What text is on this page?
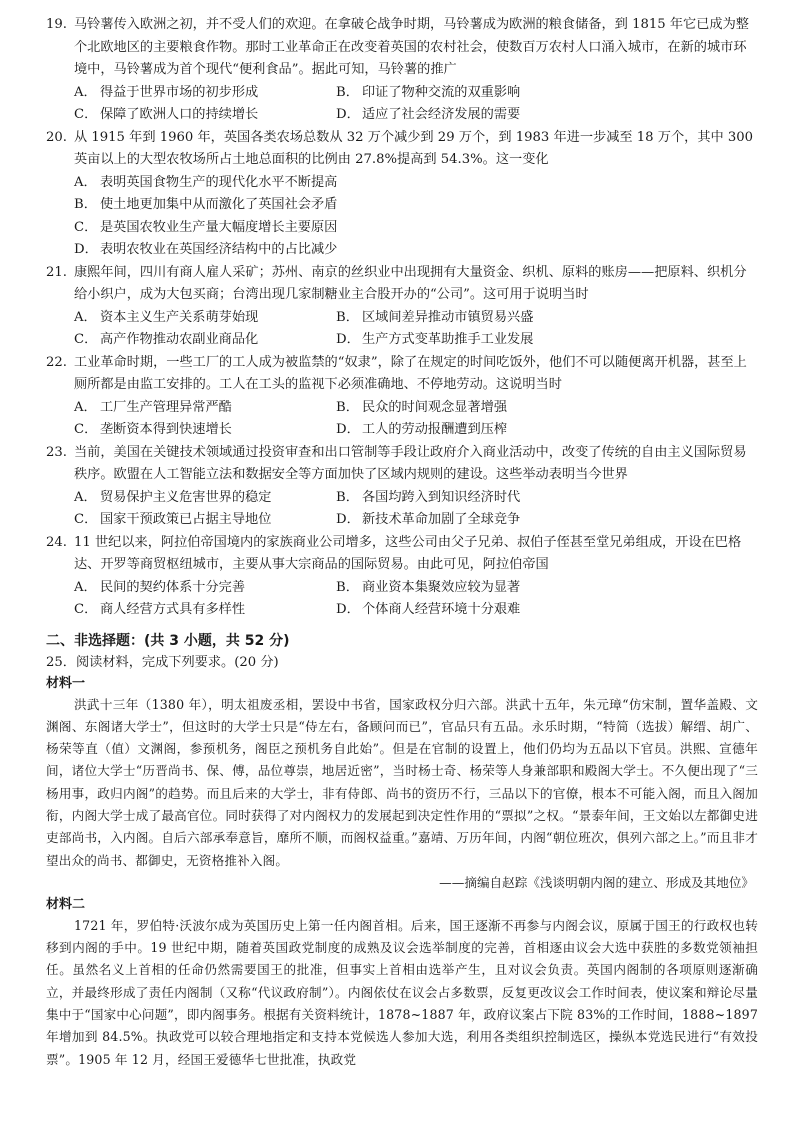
19. 马铃薯传入欧洲之初，并不受人们的欢迎。在拿破仑战争时期，马铃薯成为欧洲的粮食储备，到 1815 年它已成为整个北欧地区的主要粮食作物。那时工业革命正在改变着英国的农村社会，使数百万农村人口涌入城市，在新的城市环境中，马铃薯成为首个现代“便利食品”。据此可知，马铃薯的推广
A． 得益于世界市场的初步形成	B． 印证了物种交流的双重影响
C． 保障了欧洲人口的持续增长	D． 适应了社会经济发展的需要
20. 从 1915 年到 1960 年，英国各类农场总数从 32 万个减少到 29 万个，到 1983 年进一步减至 18 万个，其中 300 英亩以上的大型农牧场所占土地总面积的比例由 27.8%提高到 54.3%。这一变化
A． 表明英国食物生产的现代化水平不断提高
B． 使土地更加集中从而激化了英国社会矛盾
C． 是英国农牧业生产量大幅度增长主要原因
D． 表明农牧业在英国经济结构中的占比减少
21. 康熙年间，四川有商人雇人采矿；苏州、南京的丝织业中出现拥有大量资金、织机、原料的账房——把原料、织机分给小织户，成为大包买商；台湾出现几家制糖业主合股开办的“公司”。这可用于说明当时
A． 资本主义生产关系萌芽始现	B． 区域间差异推动市镇贸易兴盛
C． 高产作物推动农副业商品化	D． 生产方式变革助推手工业发展
22. 工业革命时期，一些工厂的工人成为被监禁的“奴隶”，除了在规定的时间吃饭外，他们不可以随便离开机器，甚至上厕所都是由监工安排的。工人在工头的监视下必须准确地、不停地劳动。这说明当时
A． 工厂生产管理异常严酷	B． 民众的时间观念显著增强
C． 垄断资本得到快速增长	D． 工人的劳动报酬遭到压榨
23. 当前，美国在关键技术领域通过投资审查和出口管制等手段让政府介入商业活动中，改变了传统的自由主义国际贸易秩序。欧盟在人工智能立法和数据安全等方面加快了区域内规则的建设。这些举动表明当今世界
A． 贸易保护主义危害世界的稳定	B． 各国均跨入到知识经济时代
C． 国家干预政策已占据主导地位	D． 新技术革命加剧了全球竞争
24. 11 世纪以来，阿拉伯帝国境内的家族商业公司增多，这些公司由父子兄弟、叔伯子侄甚至堂兄弟组成，开设在巴格达、开罗等商贸枢纽城市，主要从事大宗商品的国际贸易。由此可见，阿拉伯帝国
A． 民间的契约体系十分完善	B． 商业资本集聚效应较为显著
C． 商人经营方式具有多样性	D． 个体商人经营环境十分艰难
二、非选择题：(共 3 小题，共 52 分)
25．阅读材料，完成下列要求。(20 分)
材料一
洪武十三年（1380 年），明太祖废丞相，罢设中书省，国家政权分归六部。洪武十五年，朱元璋“仿宋制，置华盖殿、文渊阁、东阁诸大学士”，但这时的大学士只是“侍左右，备顾问而已”，官品只有五品。永乐时期，“特简（选拔）解缙、胡广、杨荣等直（值）文渊阁，参预机务，阁臣之预机务自此始”。但是在官制的设置上，他们仍均为五品以下官员。洪熙、宣德年间，诸位大学士“历晋尚书、保、傅，品位尊崇，地居近密”，当时杨士奇、杨荣等人身兼部职和殿阁大学士。不久便出现了“三杨用事，政归内阁”的趋势。而且后来的大学士，非有侍郎、尚书的资历不行，三品以下的官僚，根本不可能入阁，而且入阁加衔，内阁大学士成了最高官位。同时获得了对内阁权力的发展起到决定性作用的“票拟”之权。“景泰年间，王文始以左都御史进吏部尚书，入内阁。自后六部承奉意旨，靡所不顺，而阁权益重。”嘉靖、万历年间，内阁“朝位班次，俱列六部之上。”而且非才望出众的尚书、都御史，无资格推补入阁。
——摘编自赵踪《浅谈明朝内阁的建立、形成及其地位》
材料二
1721 年，罗伯特·沃波尔成为英国历史上第一任内阁首相。后来，国王逐渐不再参与内阁会议，原属于国王的行政权也转移到内阁的手中。19 世纪中期，随着英国政党制度的成熟及议会选举制度的完善，首相逐由议会大选中获胜的多数党领袖担任。虽然名义上首相的任命仍然需要国王的批准，但事实上首相由选举产生，且对议会负责。英国内阁制的各项原则逐渐确立，并最终形成了责任内阁制（又称“代议政府制”）。内阁依仗在议会占多数票，反复更改议会工作时间表，使议案和辩论尽量集中于“国家中心问题”，即内阁事务。根据有关资料统计，1878~1887 年，政府议案占下院 83%的工作时间，1888~1897 年增加到 84.5%。执政党可以较合理地指定和支持本党候选人参加大选，利用各类组织控制选区，操纵本党选民进行“有效投票”。1905 年 12 月，经国王爱德华七世批准，执政党
